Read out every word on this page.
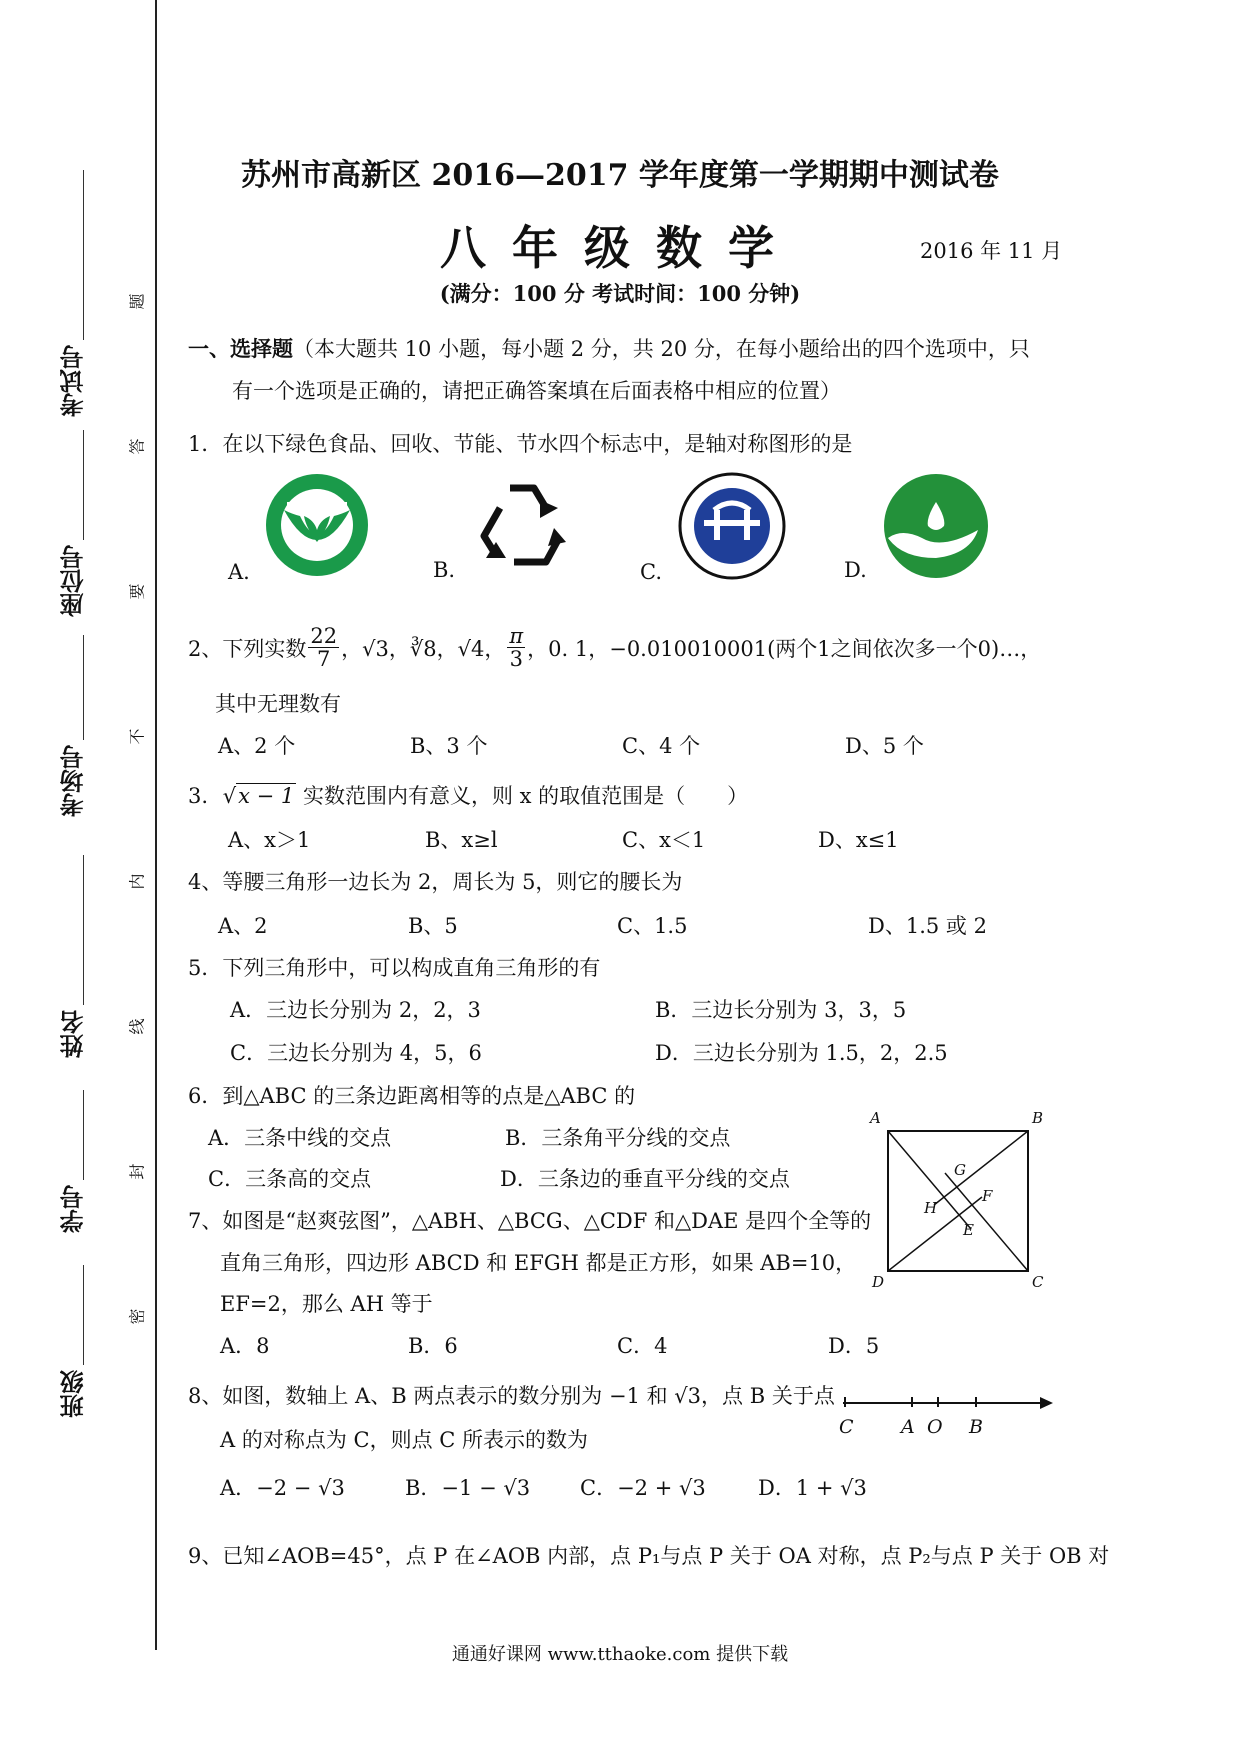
考试号
座位号
考场号
姓名
学号
班级
题
答
要
不
内
线
封
密
苏州市高新区 2016—2017 学年度第一学期期中测试卷
八年级数学	2016 年 11 月
(满分：100 分 考试时间：100 分钟)
一、选择题（本大题共 10 小题，每小题 2 分，共 20 分，在每小题给出的四个选项中，只
有一个选项是正确的，请把正确答案填在后面表格中相应的位置）
1．在以下绿色食品、回收、节能、节水四个标志中，是轴对称图形的是
A.	B.	C.	D.
2、下列实数 $\frac{22}{7}$ ，√3，∛8，√4， $\frac{\pi}{3}$ ，0. 1，−0.010010001(两个1之间依次多一个0)…，
其中无理数有
A、2 个	B、3 个	C、4 个	D、5 个
3. √x − 1 实数范围内有意义，则 x 的取值范围是（　　）
A、x＞1	B、x≥l	C、x＜1	D、x≤1
4、等腰三角形一边长为 2，周长为 5，则它的腰长为
A、2	B、5	C、1.5	D、1.5 或 2
5．下列三角形中，可以构成直角三角形的有
A．三边长分别为 2，2，3	B．三边长分别为 3，3，5
C．三边长分别为 4，5，6	D．三边长分别为 1.5，2，2.5
6．到△ABC 的三条边距离相等的点是△ABC 的
A．三条中线的交点	B．三条角平分线的交点
C．三条高的交点	D．三条边的垂直平分线的交点
A	B
C
D
E
F
G
H
7、如图是“赵爽弦图”，△ABH、△BCG、△CDF 和△DAE 是四个全等的
直角三角形，四边形 ABCD 和 EFGH 都是正方形，如果 AB=10，
EF=2，那么 AH 等于
A．8	B．6	C．4	D．5
C A O B
8、如图，数轴上 A、B 两点表示的数分别为 −1 和 √3，点 B 关于点
A 的对称点为 C，则点 C 所表示的数为
A．−2 − √3	B．−1 − √3 C．−2 + √3 D．1 + √3
9、已知∠AOB=45°，点 P 在∠AOB 内部，点 P₁与点 P 关于 OA 对称，点 P₂与点 P 关于 OB 对
通通好课网 www.tthaoke.com 提供下载
